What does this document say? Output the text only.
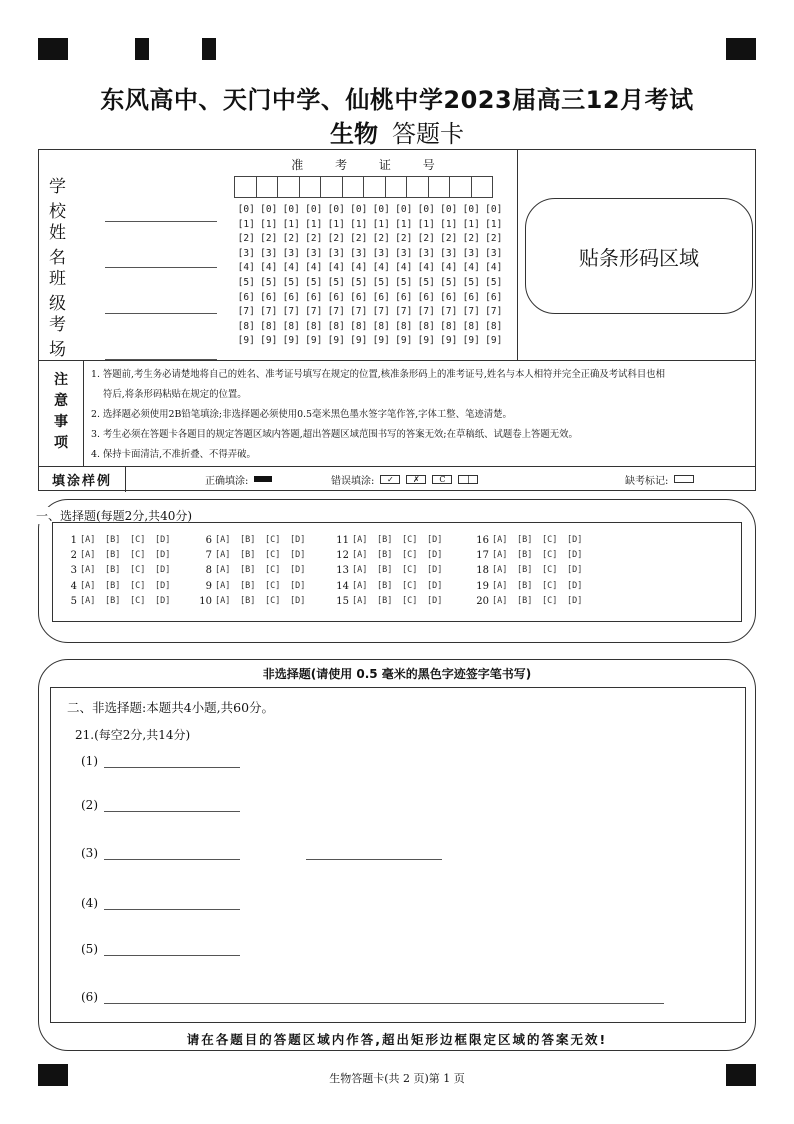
东风高中、天门中学、仙桃中学2023届高三12月考试
生物 答题卡
学 校
姓 名
班 级
考 场
准 考 证 号
[0] [0] [0] [0] [0] [0] [0] [0] [0] [0] [0] [0]
[1] [1] [1] [1] [1] [1] [1] [1] [1] [1] [1] [1]
[2] [2] [2] [2] [2] [2] [2] [2] [2] [2] [2] [2]
[3] [3] [3] [3] [3] [3] [3] [3] [3] [3] [3] [3]
[4] [4] [4] [4] [4] [4] [4] [4] [4] [4] [4] [4]
[5] [5] [5] [5] [5] [5] [5] [5] [5] [5] [5] [5]
[6] [6] [6] [6] [6] [6] [6] [6] [6] [6] [6] [6]
[7] [7] [7] [7] [7] [7] [7] [7] [7] [7] [7] [7]
[8] [8] [8] [8] [8] [8] [8] [8] [8] [8] [8] [8]
[9] [9] [9] [9] [9] [9] [9] [9] [9] [9] [9] [9]
贴条形码区域
注
意
事
项

1. 答题前,考生务必请楚地将自己的姓名、准考证号填写在规定的位置,核准条形码上的准考证号,姓名与本人相符并完全正确及考试科目也相

符后,将条形码粘贴在规定的位置。

2. 选择题必须使用2B铅笔填涂;非选择题必须使用0.5毫米黑色墨水签字笔作答,字体工整、笔迹清楚。

3. 考生必须在答题卡各题目的规定答题区域内答题,超出答题区域范围书写的答案无效;在草稿纸、试题卷上答题无效。

4. 保持卡面清洁,不准折叠、不得弄破。

填涂样例	正确填涂:	错误填涂:	✓	✗	C	|	缺考标记:
一、选择题(每题2分,共40分)
1 [A]	[B]	[C]	[D]
2 [A]	[B]	[C]	[D]
3 [A]	[B]	[C]	[D]
4 [A]	[B]	[C]	[D]
5 [A]	[B]	[C]	[D]
6 [A]	[B]	[C]	[D]
7 [A]	[B]	[C]	[D]
8 [A]	[B]	[C]	[D]
9 [A]	[B]	[C]	[D]
10 [A]	[B]	[C]	[D]
11 [A]	[B]	[C]	[D]
12 [A]	[B]	[C]	[D]
13 [A]	[B]	[C]	[D]
14 [A]	[B]	[C]	[D]
15 [A]	[B]	[C]	[D]
16 [A]	[B]	[C]	[D]
17 [A]	[B]	[C]	[D]
18 [A]	[B]	[C]	[D]
19 [A]	[B]	[C]	[D]
20 [A]	[B]	[C]	[D]
非选择题(请使用 0.5 毫米的黑色字迹签字笔书写)
二、非选择题:本题共4小题,共60分。
21.(每空2分,共14分)
(1)
(2)
(3)
(4)
(5)
(6)
请在各题目的答题区域内作答,超出矩形边框限定区域的答案无效!
生物答题卡(共 2 页)第 1 页
